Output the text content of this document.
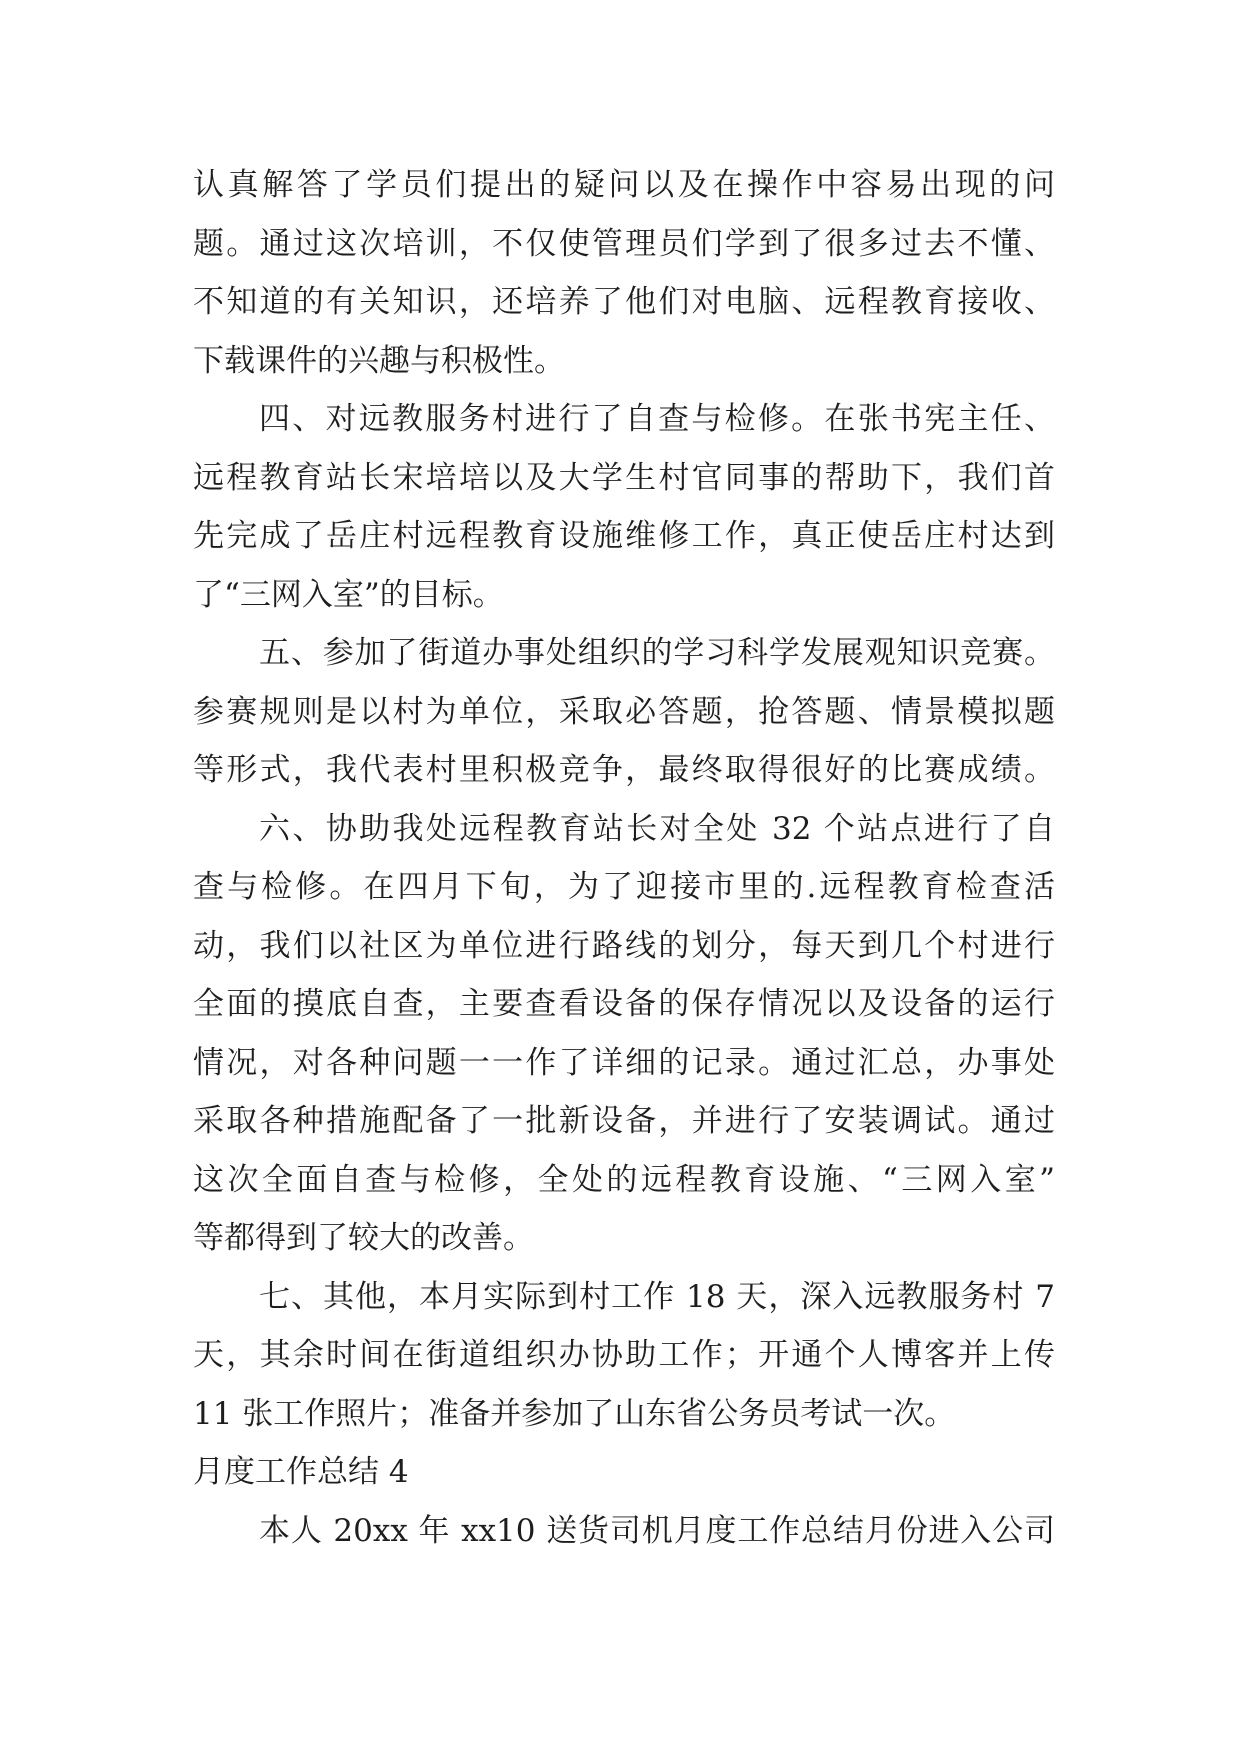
认真解答了学员们提出的疑问以及在操作中容易出现的问
题。通过这次培训，不仅使管理员们学到了很多过去不懂、
不知道的有关知识，还培养了他们对电脑、远程教育接收、
下载课件的兴趣与积极性。
四、对远教服务村进行了自查与检修。在张书宪主任、
远程教育站长宋培培以及大学生村官同事的帮助下，我们首
先完成了岳庄村远程教育设施维修工作，真正使岳庄村达到
了“三网入室”的目标。
五、参加了街道办事处组织的学习科学发展观知识竞赛。
参赛规则是以村为单位，采取必答题，抢答题、情景模拟题
等形式，我代表村里积极竞争，最终取得很好的比赛成绩。
六、协助我处远程教育站长对全处 32 个站点进行了自
查与检修。在四月下旬，为了迎接市里的.远程教育检查活
动，我们以社区为单位进行路线的划分，每天到几个村进行
全面的摸底自查，主要查看设备的保存情况以及设备的运行
情况，对各种问题一一作了详细的记录。通过汇总，办事处
采取各种措施配备了一批新设备，并进行了安装调试。通过
这次全面自查与检修，全处的远程教育设施、“三网入室”
等都得到了较大的改善。
七、其他，本月实际到村工作 18 天，深入远教服务村 7
天，其余时间在街道组织办协助工作；开通个人博客并上传
11 张工作照片；准备并参加了山东省公务员考试一次。
月度工作总结 4
本人 20xx 年 xx10 送货司机月度工作总结月份进入公司
